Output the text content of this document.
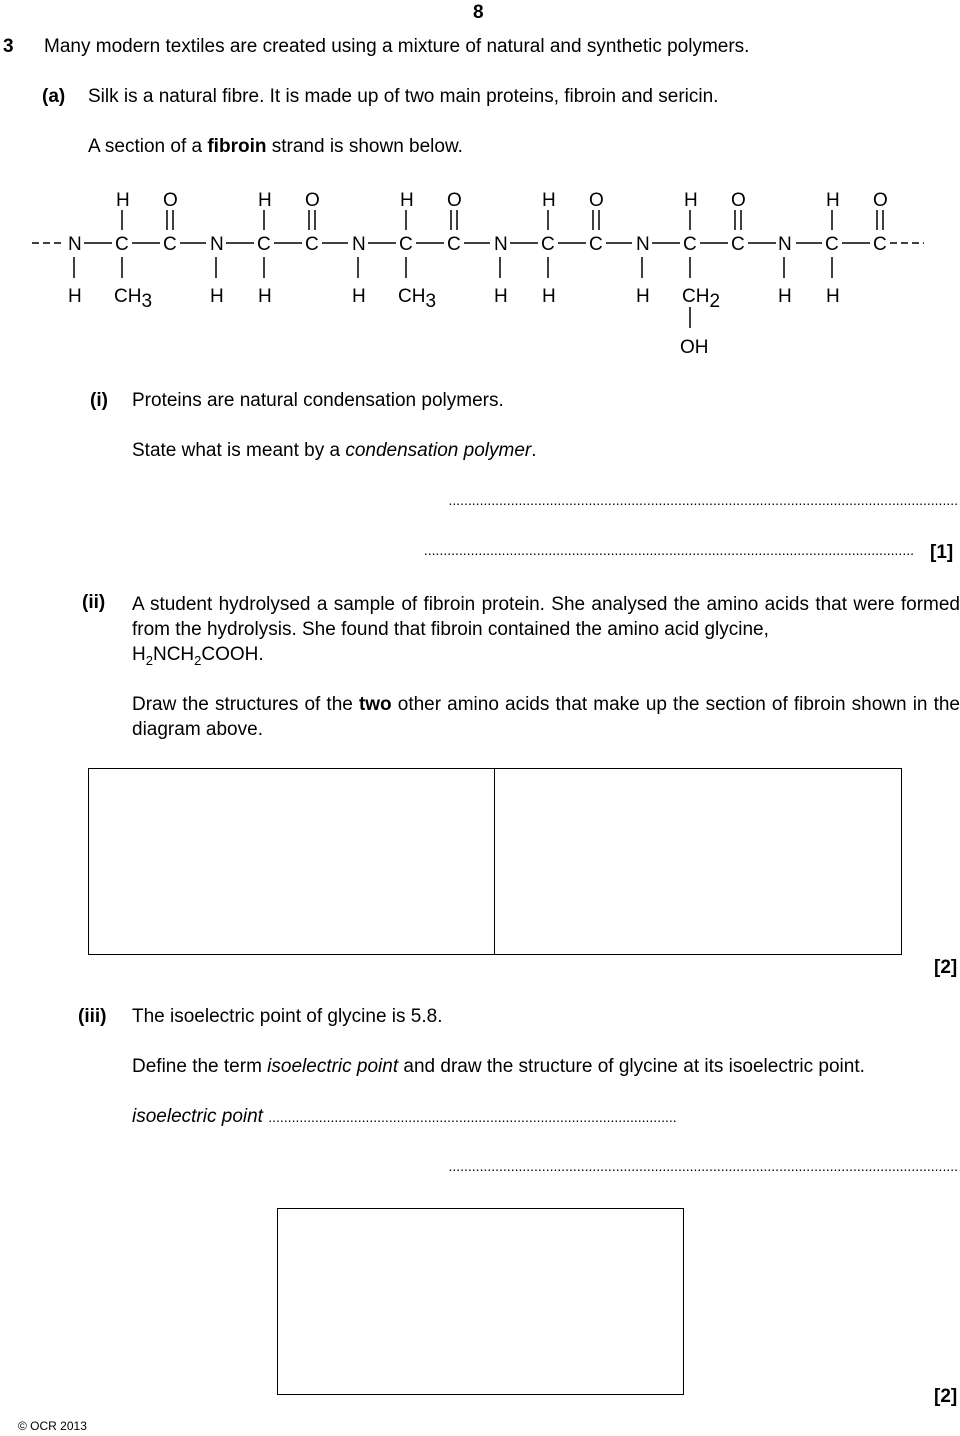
8
3 Many modern textiles are created using a mixture of natural and synthetic polymers.
(a) Silk is a natural fibre. It is made up of two main proteins, fibroin and sericin.
A section of a fibroin strand is shown below.
H O	H O	H O	H O	H O	H O
N C C N C C N C C N C C N C C N C C
H CH3	H H	H CH3	H H	H CH2	H H
OH
(i) Proteins are natural condensation polymers.
State what is meant by a condensation polymer.
...................................................................................................................................
.............................................................................................................................. [1]
(ii) A student hydrolysed a sample of fibroin protein. She analysed the amino acids that were formed from the hydrolysis. She found that fibroin contained the amino acid glycine,
$H_2NCH_2COOH$.
Draw the structures of the two other amino acids that make up the section of fibroin shown in the diagram above.
[2]
(iii) The isoelectric point of glycine is 5.8.
Define the term isoelectric point and draw the structure of glycine at its isoelectric point.
isoelectric point .........................................................................................................
...................................................................................................................................
[2]
© OCR 2013
